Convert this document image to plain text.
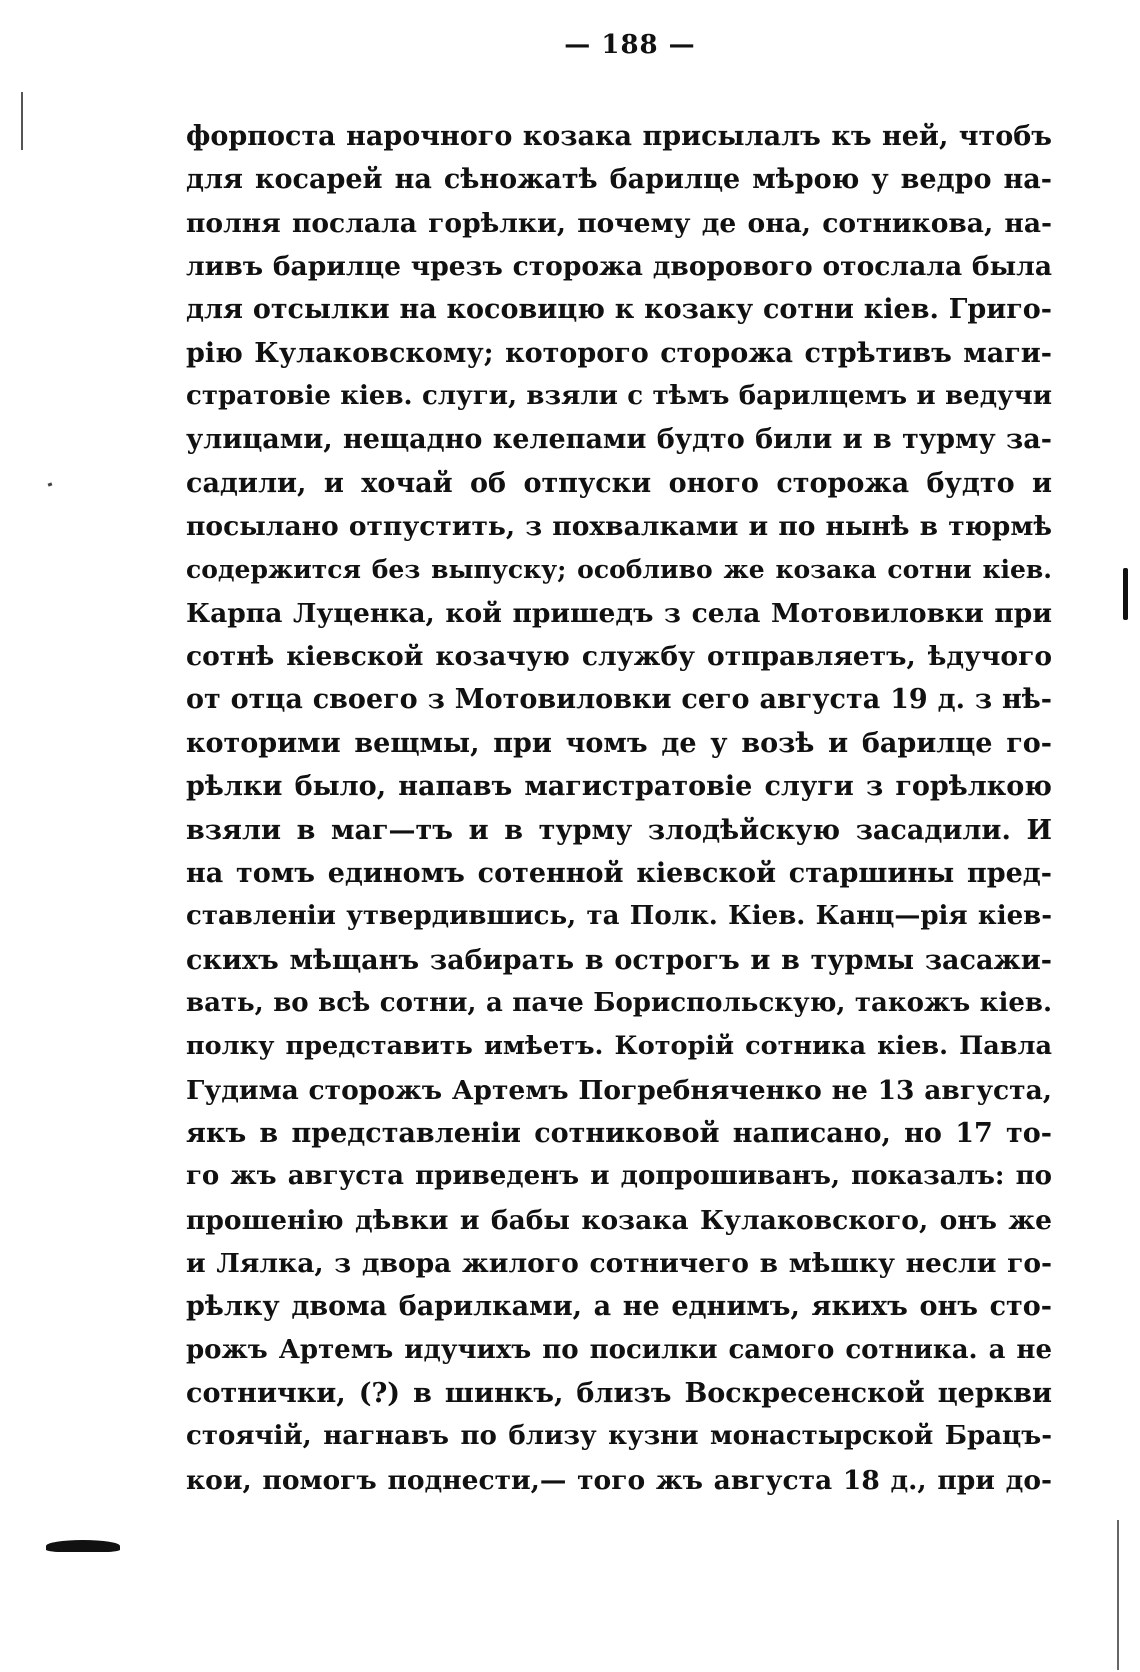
— 188 —
форпоста нарочного козака присылалъ къ ней, чтобъ
для косарей на сѣножатѣ барилце мѣрою у ведро на-
полня послала горѣлки, почему де она, сотникова, на-
ливъ барилце чрезъ сторожа двоpового отослала была
для отсылки на косовицю к козаку сотни кіев. Григо-
рію Кулаковскому; которого сторожа стрѣтивъ маги-
стратовіе кіев. слуги, взяли с тѣмъ барилцемъ и ведучи
улицами, нещадно келепами будто били и в турму за-
садили, и хочай об отпуски оного сторожа будто и
посылано отпустить, з похвалками и по нынѣ в тюрмѣ
содержится без выпуску; особливо же козака сотни кіев.
Карпа Луценка, кой пришедъ з села Мотовиловки при
сотнѣ кіевской козачую службу отправляетъ, ѣдучого
от отца своего з Мотовиловки сего августа 19 д. з нѣ-
которими вещмы, при чомъ де у возѣ и барилце го-
рѣлки было, напавъ магистратовіе слуги з горѣлкою
взяли в маг—тъ и в турму злодѣйскую засадили. И
на томъ единомъ сотенной кіевской старшины пред-
ставленіи утвердившись, та Полк. Кіев. Канц—рія кіев-
скихъ мѣщанъ забирать в острогъ и в турмы засажи-
вать, во всѣ сотни, а паче Бориспольскую, такожъ кіев.
полку представить имѣетъ. Которій сотника кіев. Павла
Гудима сторожъ Артемъ Погребняченко не 13 августа,
якъ в представленіи сотниковой написано, но 17 то-
го жъ августа приведенъ и допрошиванъ, показалъ: по
прошенію дѣвки и бабы козака Кулаковского, онъ же
и Лялка, з двора жилого сотничего в мѣшку несли го-
рѣлку двома барилками, а не еднимъ, якихъ онъ сто-
рожъ Артемъ идучихъ по посилки самого сотника. а не
сотнички, (?) в шинкъ, близъ Воскресенской церкви
стоячій, нагнавъ по близу кузни монастырской Брацъ-
кои, помогъ поднести,— того жъ августа 18 д., при до-
